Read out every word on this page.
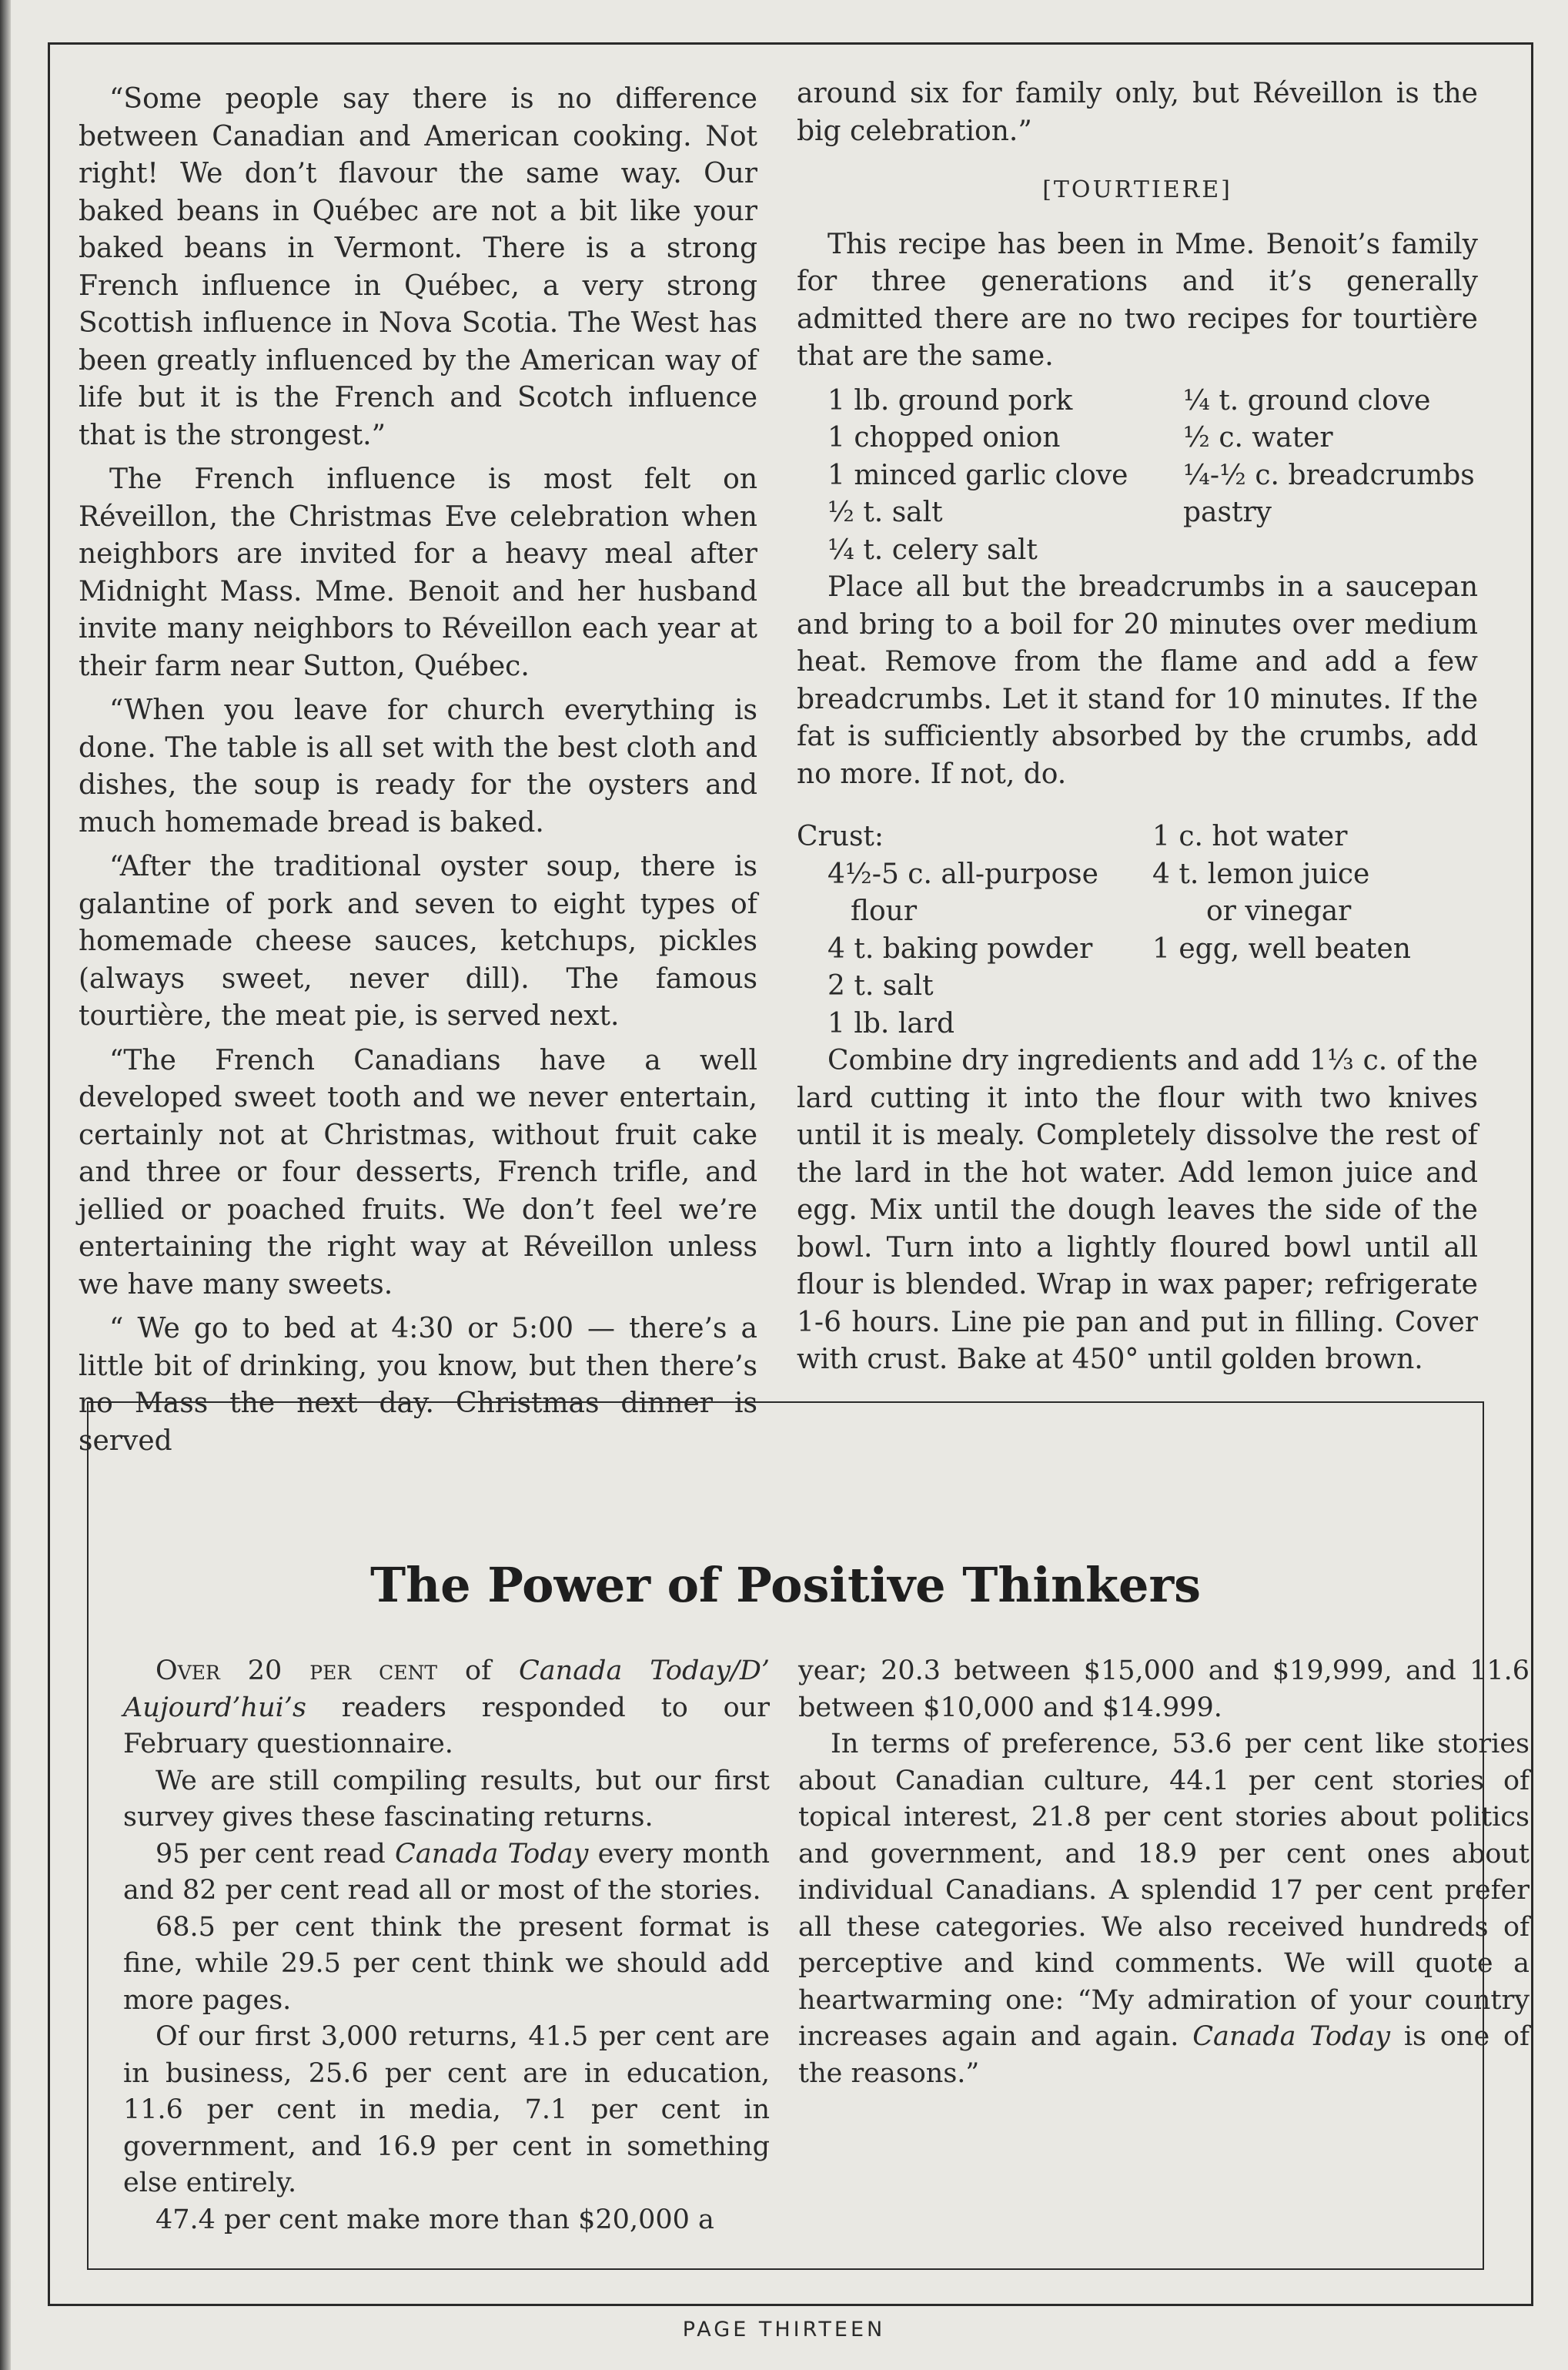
“Some people say there is no difference between Canadian and American cooking. Not right! We don’t flavour the same way. Our baked beans in Québec are not a bit like your baked beans in Vermont. There is a strong French influence in Québec, a very strong Scottish influence in Nova Scotia. The West has been greatly influenced by the American way of life but it is the French and Scotch influence that is the strongest.”

The French influence is most felt on Réveillon, the Christmas Eve celebration when neighbors are invited for a heavy meal after Midnight Mass. Mme. Benoit and her husband invite many neighbors to Réveillon each year at their farm near Sutton, Québec.

“When you leave for church everything is done. The table is all set with the best cloth and dishes, the soup is ready for the oysters and much homemade bread is baked.

“After the traditional oyster soup, there is galantine of pork and seven to eight types of homemade cheese sauces, ketchups, pickles (always sweet, never dill). The famous tourtière, the meat pie, is served next.

“The French Canadians have a well developed sweet tooth and we never entertain, certainly not at Christmas, without fruit cake and three or four desserts, French trifle, and jellied or poached fruits. We don’t feel we’re entertaining the right way at Réveillon unless we have many sweets.

“ We go to bed at 4:30 or 5:00 — there’s a little bit of drinking, you know, but then there’s no Mass the next day. Christmas dinner is served

around six for family only, but Réveillon is the big celebration.”

[TOURTIERE]

This recipe has been in Mme. Benoit’s family for three generations and it’s generally admitted there are no two recipes for tourtière that are the same.

1 lb. ground pork	¼ t. ground clove
1 chopped onion	½ c. water
1 minced garlic clove	¼-½ c. breadcrumbs
½ t. salt	pastry
¼ t. celery salt

Place all but the breadcrumbs in a saucepan and bring to a boil for 20 minutes over medium heat. Remove from the flame and add a few breadcrumbs. Let it stand for 10 minutes. If the fat is sufficiently absorbed by the crumbs, add no more. If not, do.

Crust:	1 c. hot water
4½-5 c. all-purpose	4 t. lemon juice
flour	or vinegar
4 t. baking powder	1 egg, well beaten
2 t. salt
1 lb. lard

Combine dry ingredients and add 1⅓ c. of the lard cutting it into the flour with two knives until it is mealy. Completely dissolve the rest of the lard in the hot water. Add lemon juice and egg. Mix until the dough leaves the side of the bowl. Turn into a lightly floured bowl until all flour is blended. Wrap in wax paper; refrigerate 1-6 hours. Line pie pan and put in filling. Cover with crust. Bake at 450° until golden brown.

The Power of Positive Thinkers

Over 20 per cent of Canada Today/D’ Aujourd’hui’s readers responded to our February questionnaire.

We are still compiling results, but our first survey gives these fascinating returns.

95 per cent read Canada Today every month and 82 per cent read all or most of the stories.

68.5 per cent think the present format is fine, while 29.5 per cent think we should add more pages.

Of our first 3,000 returns, 41.5 per cent are in business, 25.6 per cent are in education, 11.6 per cent in media, 7.1 per cent in government, and 16.9 per cent in something else entirely.

47.4 per cent make more than $20,000 a

year; 20.3 between $15,000 and $19,999, and 11.6 between $10,000 and $14.999.

In terms of preference, 53.6 per cent like stories about Canadian culture, 44.1 per cent stories of topical interest, 21.8 per cent stories about politics and government, and 18.9 per cent ones about individual Canadians. A splendid 17 per cent prefer all these categories. We also received hundreds of perceptive and kind comments. We will quote a heartwarming one: “My admiration of your country increases again and again. Canada Today is one of the reasons.”

PAGE THIRTEEN
